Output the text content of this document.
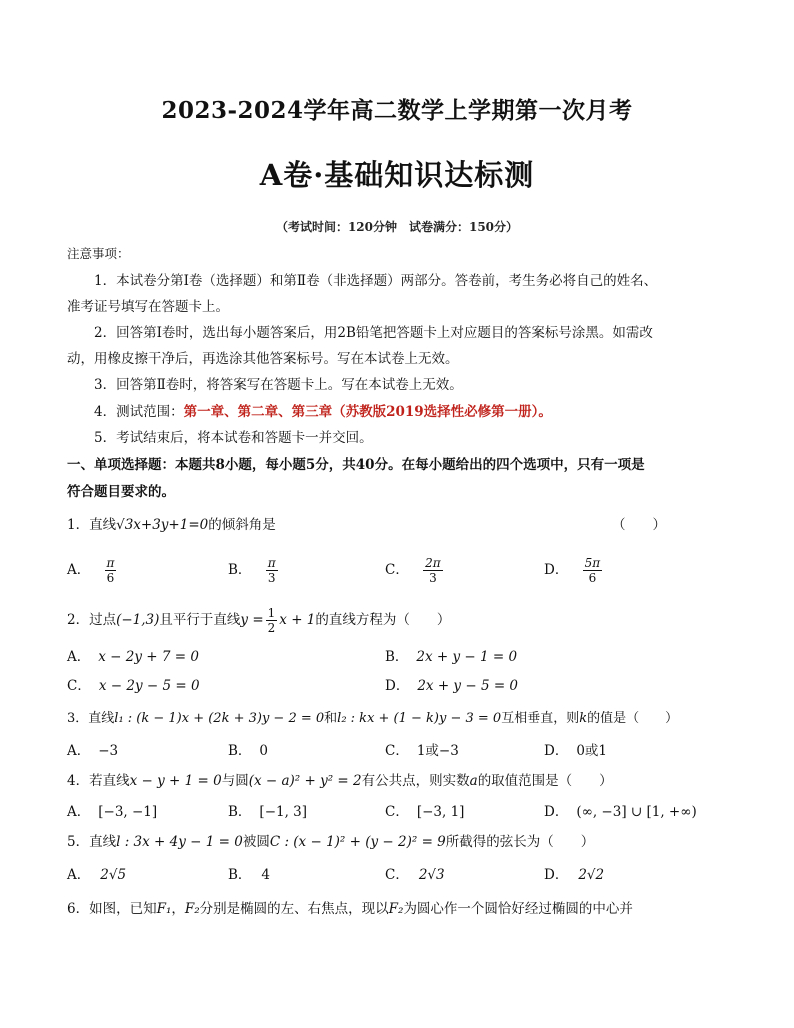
2023-2024学年高二数学上学期第一次月考
A卷·基础知识达标测
（考试时间：120分钟　试卷满分：150分）
注意事项：
1．本试卷分第Ⅰ卷（选择题）和第Ⅱ卷（非选择题）两部分。答卷前，考生务必将自己的姓名、
准考证号填写在答题卡上。
2．回答第Ⅰ卷时，选出每小题答案后，用2B铅笔把答题卡上对应题目的答案标号涂黑。如需改
动，用橡皮擦干净后，再选涂其他答案标号。写在本试卷上无效。
3．回答第Ⅱ卷时，将答案写在答题卡上。写在本试卷上无效。
4．测试范围：第一章、第二章、第三章（苏教版2019选择性必修第一册）。
5．考试结束后，将本试卷和答题卡一并交回。
一、单项选择题：本题共8小题，每小题5分，共40分。在每小题给出的四个选项中，只有一项是
符合题目要求的。
1．直线√3x+3y+1=0的倾斜角是	（　　）
A． $\frac{\pi}{6}$	B． $\frac{\pi}{3}$	C． $\frac{2\pi}{3}$	D． $\frac{5\pi}{6}$
2．过点(−1,3)且平行于直线$y = \frac{1}{2}$ x + 1的直线方程为（　　）
A． x − 2y + 7 = 0	B． 2x + y − 1 = 0
C． x − 2y − 5 = 0	D． 2x + y − 5 = 0
3．直线l₁ : (k − 1)x + (2k + 3)y − 2 = 0和l₂ : kx + (1 − k)y − 3 = 0互相垂直，则k的值是（　　）
A． −3	B． 0	C． 1或−3	D． 0或1
4．若直线x − y + 1 = 0与圆(x − a)² + y² = 2有公共点，则实数a的取值范围是（　　）
A． [−3, −1]	B． [−1, 3]	C． [−3, 1]	D． (∞, −3] ∪ [1, +∞)
5．直线l : 3x + 4y − 1 = 0被圆C : (x − 1)² + (y − 2)² = 9所截得的弦长为（　　）
A． 2√5	B． 4	C． 2√3	D． 2√2
6．如图，已知F₁，F₂分别是椭圆的左、右焦点，现以F₂为圆心作一个圆恰好经过椭圆的中心并
